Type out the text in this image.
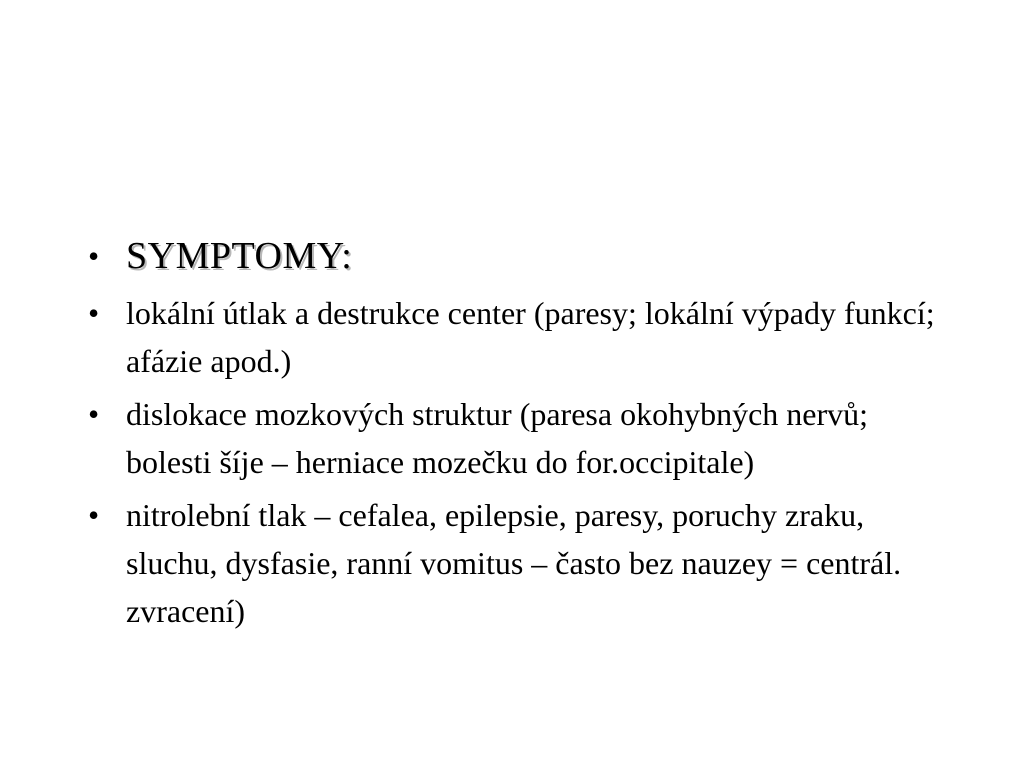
• SYMPTOMY:
• lokální útlak a destrukce center (paresy; lokální výpady funkcí; afázie apod.)
• dislokace mozkových struktur (paresa okohybných nervů; bolesti šíje – herniace mozečku do for.occipitale)
• nitrolební tlak – cefalea, epilepsie, paresy, poruchy zraku, sluchu, dysfasie, ranní vomitus – často bez nauzey = centrál. zvracení)
